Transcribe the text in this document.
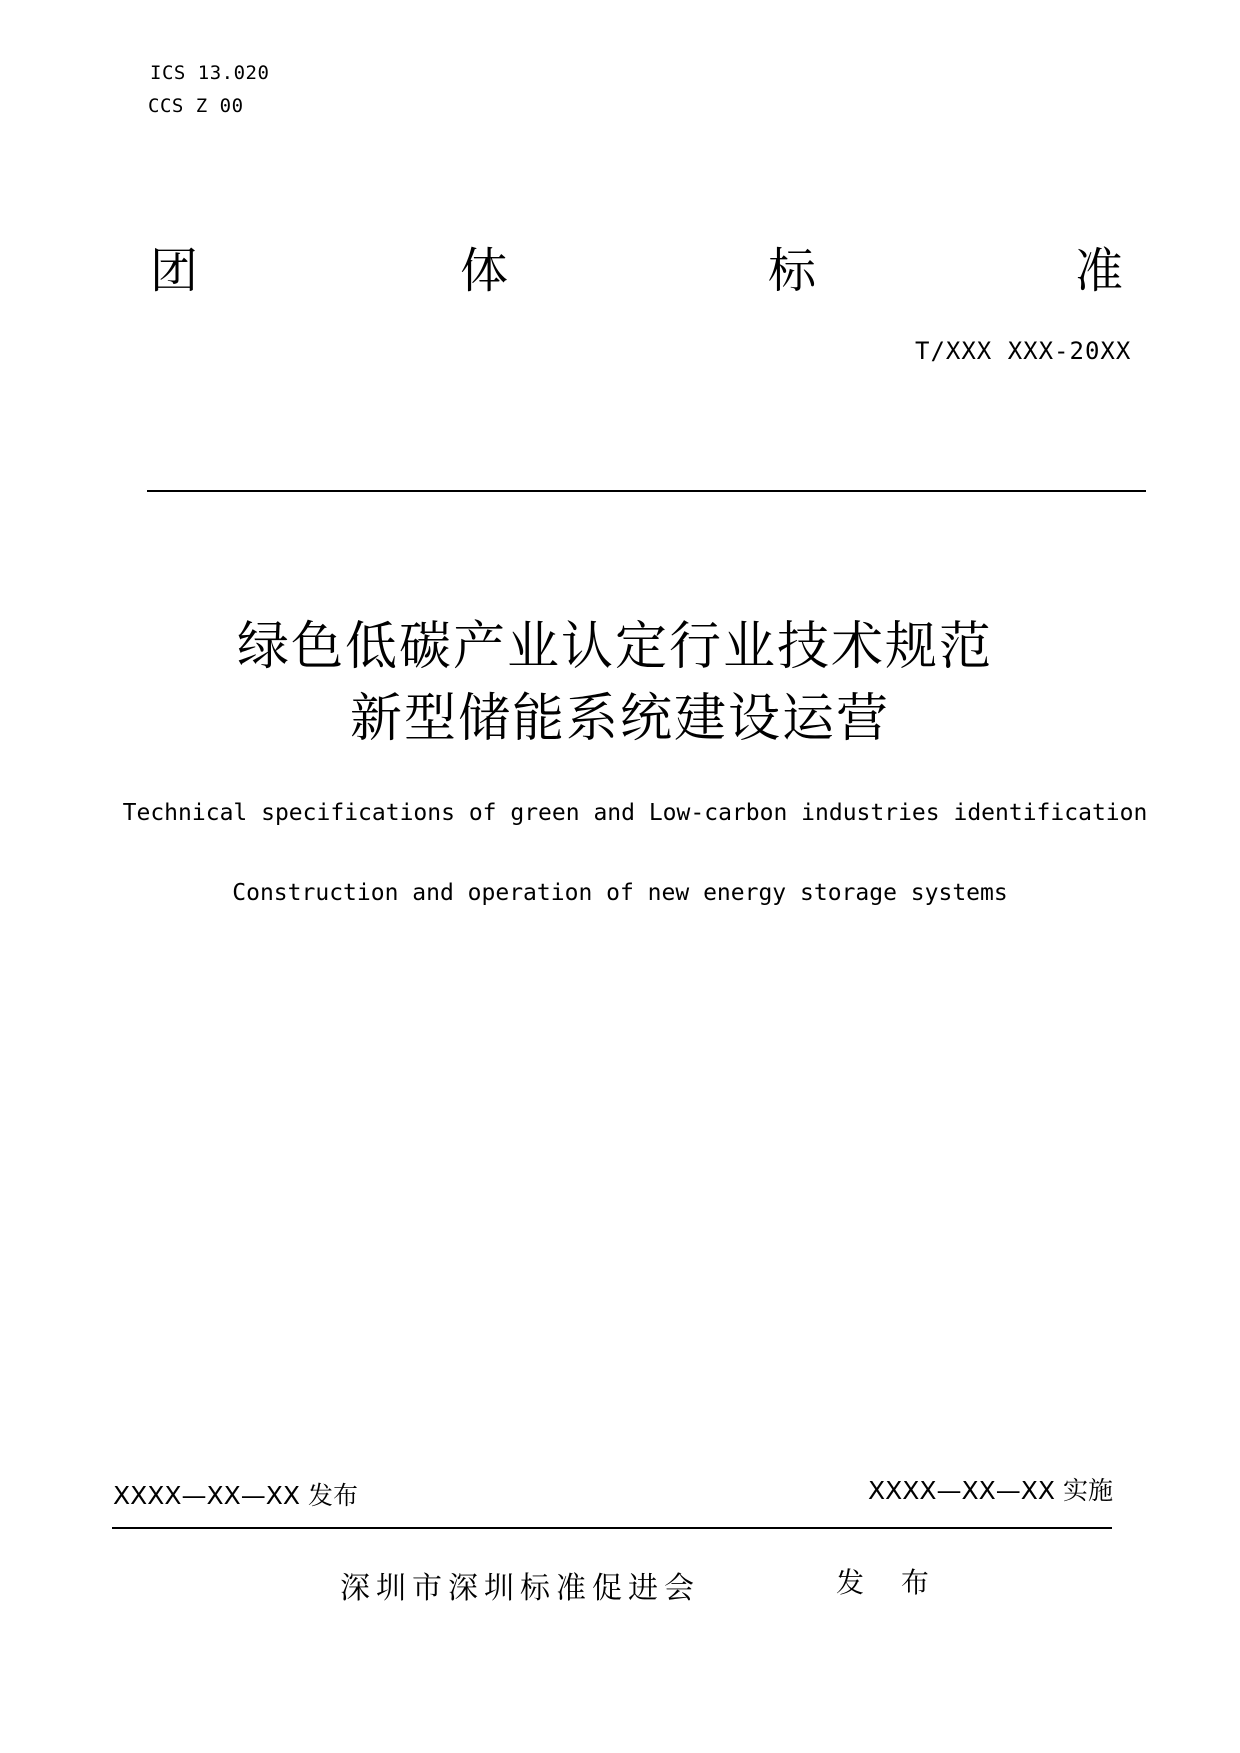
ICS 13.020
CCS Z 00
团	体	标	准
T/XXX XXX-20XX
绿色低碳产业认定行业技术规范
新型储能系统建设运营
Technical specifications of green and Low-carbon industries identification
Construction and operation of new energy storage systems
XXXX—XX—XX 发布	XXXX—XX—XX 实施
深圳市深圳标准促进会	发 布
